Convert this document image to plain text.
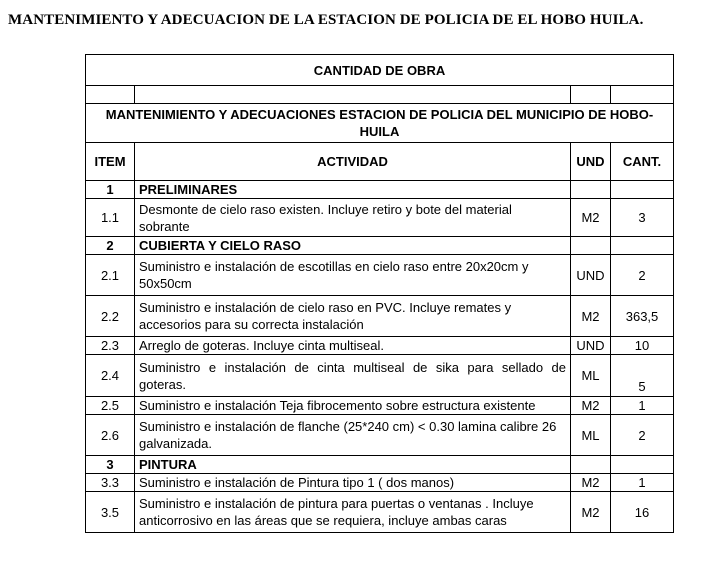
MANTENIMIENTO Y ADECUACION DE LA ESTACION DE POLICIA DE EL HOBO HUILA.
CANTIDAD DE OBRA			

MANTENIMIENTO Y ADECUACIONES ESTACION DE POLICIA DEL MUNICIPIO DE HOBO-HUILA			
ITEM	ACTIVIDAD	UND	CANT.
1	PRELIMINARES		
1.1	Desmonte de cielo raso existen. Incluye retiro y bote del material sobrante	M2	3
2	CUBIERTA Y CIELO RASO		
2.1	Suministro e instalación de escotillas en cielo raso entre 20x20cm y 50x50cm	UND	2
2.2	Suministro e instalación de cielo raso en PVC. Incluye remates y accesorios para su correcta instalación	M2	363,5
2.3	Arreglo de goteras. Incluye cinta multiseal.	UND	10
2.4	Suministro e instalación de cinta multiseal de sika para sellado de goteras.	ML	5
2.5	Suministro e instalación Teja fibrocemento sobre estructura existente	M2	1
2.6	Suministro e instalación de flanche (25*240 cm) < 0.30 lamina calibre 26 galvanizada.	ML	2
3	PINTURA		
3.3	Suministro e instalación de Pintura tipo 1 ( dos manos)	M2	1
3.5	Suministro e instalación de pintura para puertas o ventanas . Incluye anticorrosivo en las áreas que se requiera, incluye ambas caras	M2	16
